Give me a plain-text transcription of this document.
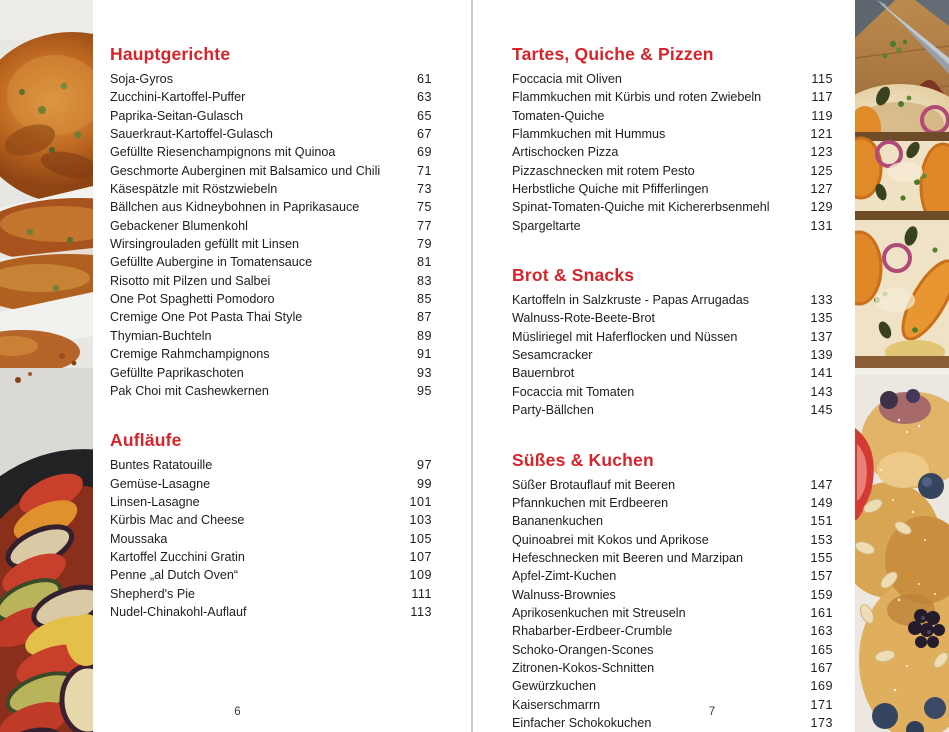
Hauptgerichte
Soja-Gyros	61
Zucchini-Kartoffel-Puffer	63
Paprika-Seitan-Gulasch	65
Sauerkraut-Kartoffel-Gulasch	67
Gefüllte Riesenchampignons mit Quinoa	69
Geschmorte Auberginen mit Balsamico und Chili	71
Käsespätzle mit Röstzwiebeln	73
Bällchen aus Kidneybohnen in Paprikasauce	75
Gebackener Blumenkohl	77
Wirsingrouladen gefüllt mit Linsen	79
Gefüllte Aubergine in Tomatensauce	81
Risotto mit Pilzen und Salbei	83
One Pot Spaghetti Pomodoro	85
Cremige One Pot Pasta Thai Style	87
Thymian-Buchteln	89
Cremige Rahmchampignons	91
Gefüllte Paprikaschoten	93
Pak Choi mit Cashewkernen	95
Aufläufe
Buntes Ratatouille	97
Gemüse-Lasagne	99
Linsen-Lasagne	101
Kürbis Mac and Cheese	103
Moussaka	105
Kartoffel Zucchini Gratin	107
Penne „al Dutch Oven“	109
Shepherd's Pie	111
Nudel-Chinakohl-Auflauf	113
6
Tartes, Quiche & Pizzen
Foccacia mit Oliven	115
Flammkuchen mit Kürbis und roten Zwiebeln	117
Tomaten-Quiche	119
Flammkuchen mit Hummus	121
Artischocken Pizza	123
Pizzaschnecken mit rotem Pesto	125
Herbstliche Quiche mit Pfifferlingen	127
Spinat-Tomaten-Quiche mit Kichererbsenmehl	129
Spargeltarte	131
Brot & Snacks
Kartoffeln in Salzkruste - Papas Arrugadas	133
Walnuss-Rote-Beete-Brot	135
Müsliriegel mit Haferflocken und Nüssen	137
Sesamcracker	139
Bauernbrot	141
Focaccia mit Tomaten	143
Party-Bällchen	145
Süßes & Kuchen
Süßer Brotauflauf mit Beeren	147
Pfannkuchen mit Erdbeeren	149
Bananenkuchen	151
Quinoabrei mit Kokos und Aprikose	153
Hefeschnecken mit Beeren und Marzipan	155
Apfel-Zimt-Kuchen	157
Walnuss-Brownies	159
Aprikosenkuchen mit Streuseln	161
Rhabarber-Erdbeer-Crumble	163
Schoko-Orangen-Scones	165
Zitronen-Kokos-Schnitten	167
Gewürzkuchen	169
Kaiserschmarrn	171
Einfacher Schokokuchen	173
7
